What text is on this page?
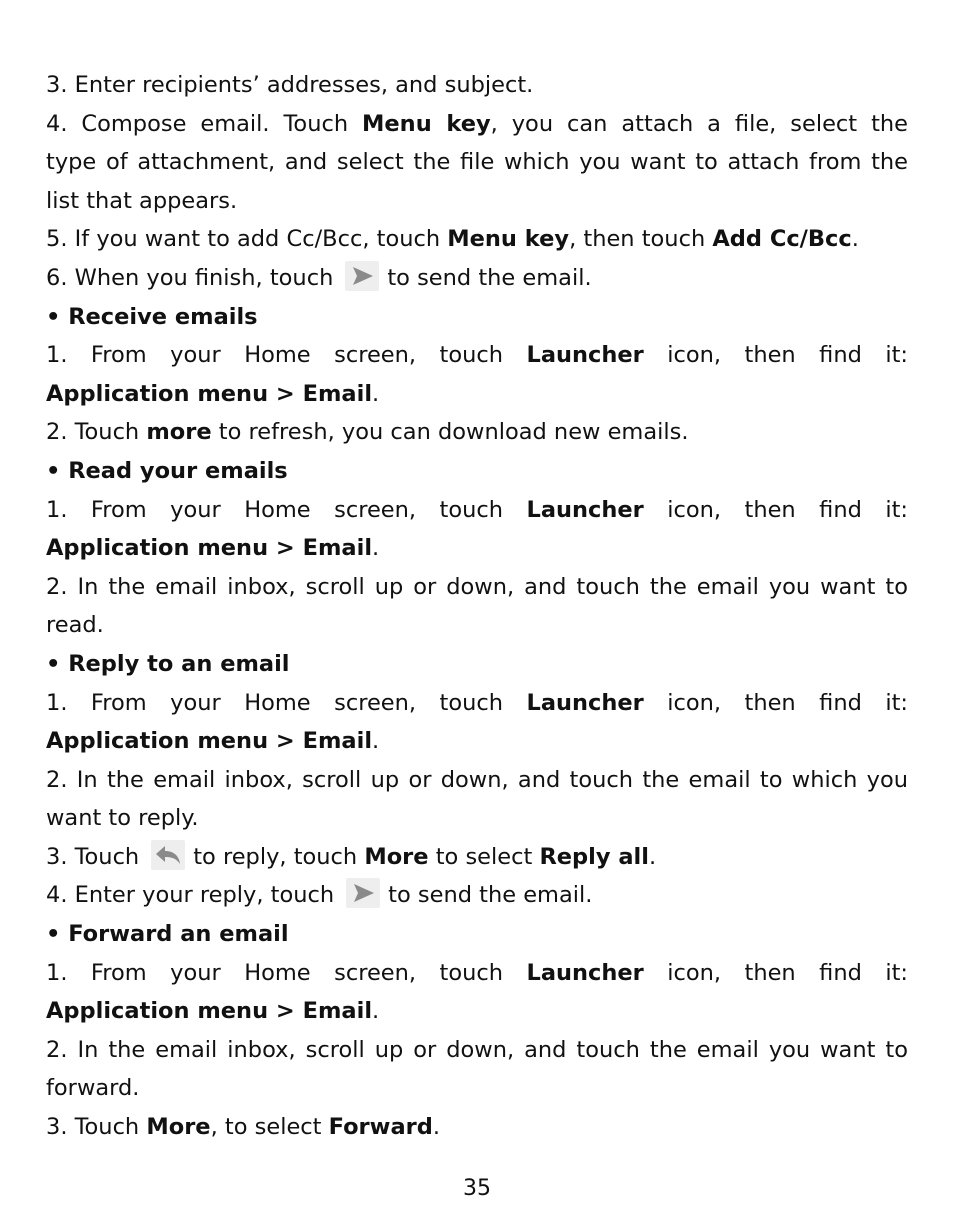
3. Enter recipients’ addresses, and subject.
4. Compose email. Touch Menu key, you can attach a file, select the
type of attachment, and select the file which you want to attach from the
list that appears.
5. If you want to add Cc/Bcc, touch Menu key, then touch Add Cc/Bcc.
6. When you finish, touch to send the email.
• Receive emails
1. From your Home screen, touch Launcher icon, then find it:
Application menu > Email.
2. Touch more to refresh, you can download new emails.
• Read your emails
1. From your Home screen, touch Launcher icon, then find it:
Application menu > Email.
2. In the email inbox, scroll up or down, and touch the email you want to
read.
• Reply to an email
1. From your Home screen, touch Launcher icon, then find it:
Application menu > Email.
2. In the email inbox, scroll up or down, and touch the email to which you
want to reply.
3. Touch to reply, touch More to select Reply all.
4. Enter your reply, touch to send the email.
• Forward an email
1. From your Home screen, touch Launcher icon, then find it:
Application menu > Email.
2. In the email inbox, scroll up or down, and touch the email you want to
forward.
3. Touch More, to select Forward.
35
